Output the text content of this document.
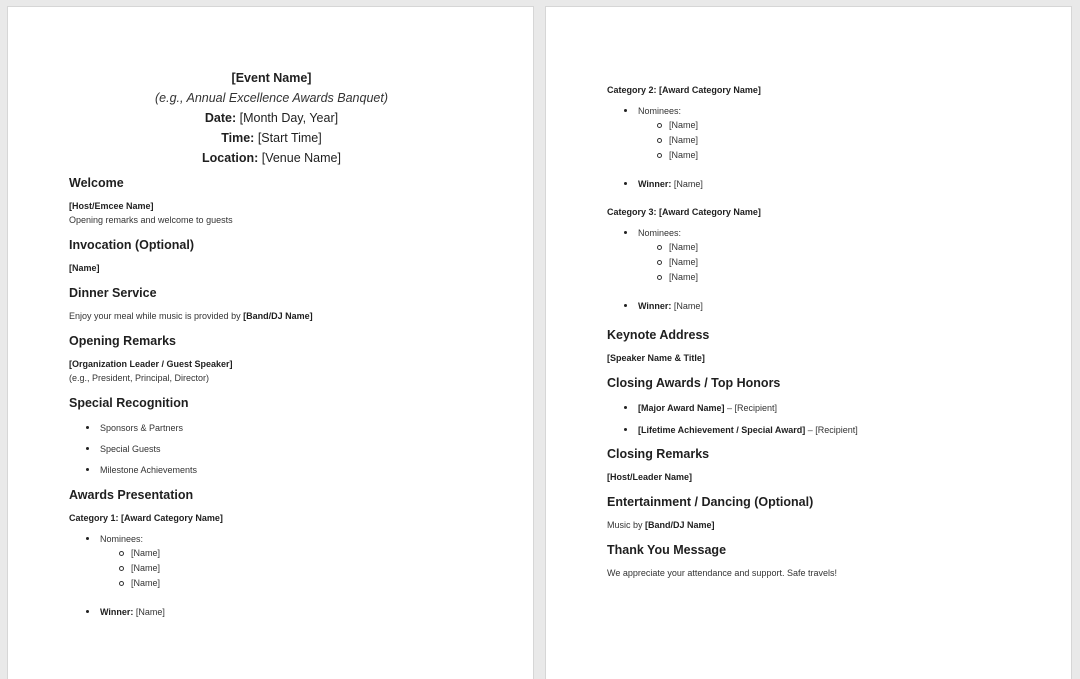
[Event Name]
(e.g., Annual Excellence Awards Banquet)
Date: [Month Day, Year]
Time: [Start Time]
Location: [Venue Name]
Welcome
[Host/Emcee Name]
Opening remarks and welcome to guests
Invocation (Optional)
[Name]
Dinner Service
Enjoy your meal while music is provided by [Band/DJ Name]
Opening Remarks
[Organization Leader / Guest Speaker]
(e.g., President, Principal, Director)
Special Recognition
Sponsors & Partners
Special Guests
Milestone Achievements
Awards Presentation
Category 1: [Award Category Name]
Nominees:
[Name]
[Name]
[Name]
Winner: [Name]
Category 2: [Award Category Name]
Nominees:
[Name]
[Name]
[Name]
Winner: [Name]
Category 3: [Award Category Name]
Nominees:
[Name]
[Name]
[Name]
Winner: [Name]
Keynote Address
[Speaker Name & Title]
Closing Awards / Top Honors
[Major Award Name] – [Recipient]
[Lifetime Achievement / Special Award] – [Recipient]
Closing Remarks
[Host/Leader Name]
Entertainment / Dancing (Optional)
Music by [Band/DJ Name]
Thank You Message
We appreciate your attendance and support. Safe travels!
